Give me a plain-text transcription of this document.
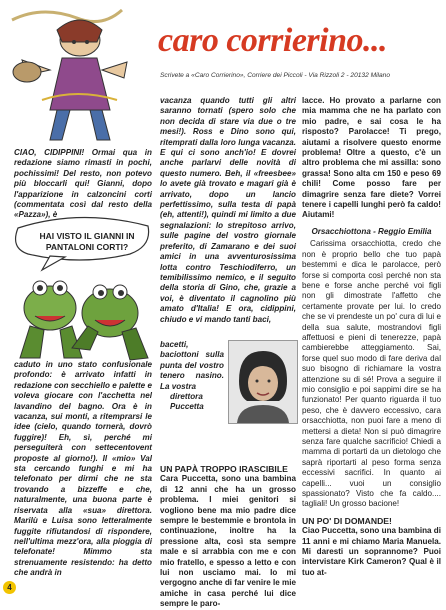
HAI VISTO IL GIANNI IN PANTALONI CORTI?
caro corrierino...
Scrivete a «Caro Corrierino», Corriere dei Piccoli - Via Rizzoli 2 - 20132 Milano

CIAO, CIDIPPINI! Ormai qua in redazione siamo rimasti in pochi, pochissimi! Del resto, non potevo più bloccarli qui! Gianni, dopo l'apparizione in calzoncini corti (commentata così dal resto della «Pazza»), è

caduto in uno stato confusionale profondo: è arrivato infatti in redazione con secchiello e palette e voleva giocare con l'acchetta nel lavandino del bagno. Ora è in vacanza, sui monti, a ritemprarsi le idee (cielo, quando tornerà, dovrò fuggire)! Eh, sì, perché mi perseguiterà con settecentovent proposte al giorno!). Il «mio» Val sta cercando funghi e mi ha telefonato per dirmi che ne sta trovando a bizzeffe e che, naturalmente, una buona parte è riservata alla «sua» direttora. Marilù e Luisa sono letteralmente fuggite rifiutandosi di rispondere, nell'ultima mezz'ora, alla pioggia di telefonate! Mimmo sta strenuamente resistendo: ha detto che andrà in

vacanza quando tutti gli altri saranno tornati (spero solo che non decida di stare via due o tre mesi!). Ross e Dino sono qui, ritemprati dalla loro lunga vacanza. E qui ci sono anch'io! E dovrei anche parlarvi delle novità di questo numero. Beh, il «freesbee» lo avete già trovato e magari già è arrivato, dopo un lancio perfettissimo, sulla testa di papà (eh, attenti!), quindi mi limito a due segnalazioni: lo strepitoso arrivo, sulle pagine del vostro giornale preferito, di Zamarano e dei suoi amici in una avventurosissima lotta contro Teschiodiferro, un temibilissimo nemico, e il seguito della storia di Gino, che, grazie a voi, è diventato il cagnolino più amato d'Italia! E ora, cidippini, chiudo e vi mando tanti baci,

bacetti, baciottoni sulla punta del vostro tenero nasino. La vostra

direttora

Puccetta

UN PAPÀ TROPPO IRASCIBILE

Cara Puccetta, sono una bambina di 12 anni che ha un grosso problema. I miei genitori si vogliono bene ma mio padre dice sempre le bestemmie e brontola in continuazione, inoltre ha la pressione alta, così sta sempre male e si arrabbia con me e con mio fratello, e spesso a letto e con lui non usciamo mai. Io mi vergogno anche di far venire le mie amiche in casa perché lui dice sempre le paro-

lacce. Ho provato a parlarne con mia mamma che ne ha parlato con mio padre, e sai cosa le ha risposto? Parolacce! Ti prego, aiutami a risolvere questo enorme problema! Oltre a questo, c'è un altro problema che mi assilla: sono grassa! Sono alta cm 150 e peso 69 chili! Come posso fare per dimagrire senza fare diete? Vorrei tenere i capelli lunghi però fa caldo! Aiutami!

Orsacchiottona - Reggio Emilia

Carissima orsacchiotta, credo che non è proprio bello che tuo papà bestemmi e dica le parolacce, però forse si comporta così perché non sta bene e forse anche perché voi figli non gli dimostrate l'affetto che certamente provate per lui. Io credo che se vi prendeste un po' cura di lui e della sua salute, mostrandovi figli affettuosi e pieni di tenerezze, papà cambierebbe atteggiamento. Sai, forse quel suo modo di fare deriva dal suo bisogno di richiamare la vostra attenzione su di sé! Prova a seguire il mio consiglio e poi sappimi dire se ha funzionato! Per quanto riguarda il tuo peso, che è davvero eccessivo, cara orsacchiotta, non puoi fare a meno di mettersi a dieta! Non si può dimagrire senza fare qualche sacrificio! Chiedi a mamma di portarti da un dietologo che saprà riportarti al peso forma senza eccessivi sacrifici. In quanto ai capelli... vuoi un consiglio spassionato? Visto che fa caldo.... tagliali! Un grosso bacione!

UN PO' DI DOMANDE!

Ciao Puccetta, sono una bambina di 11 anni e mi chiamo Maria Manuela. Mi daresti un soprannome? Puoi intervistare Kirk Cameron? Qual è il tuo at-

4
